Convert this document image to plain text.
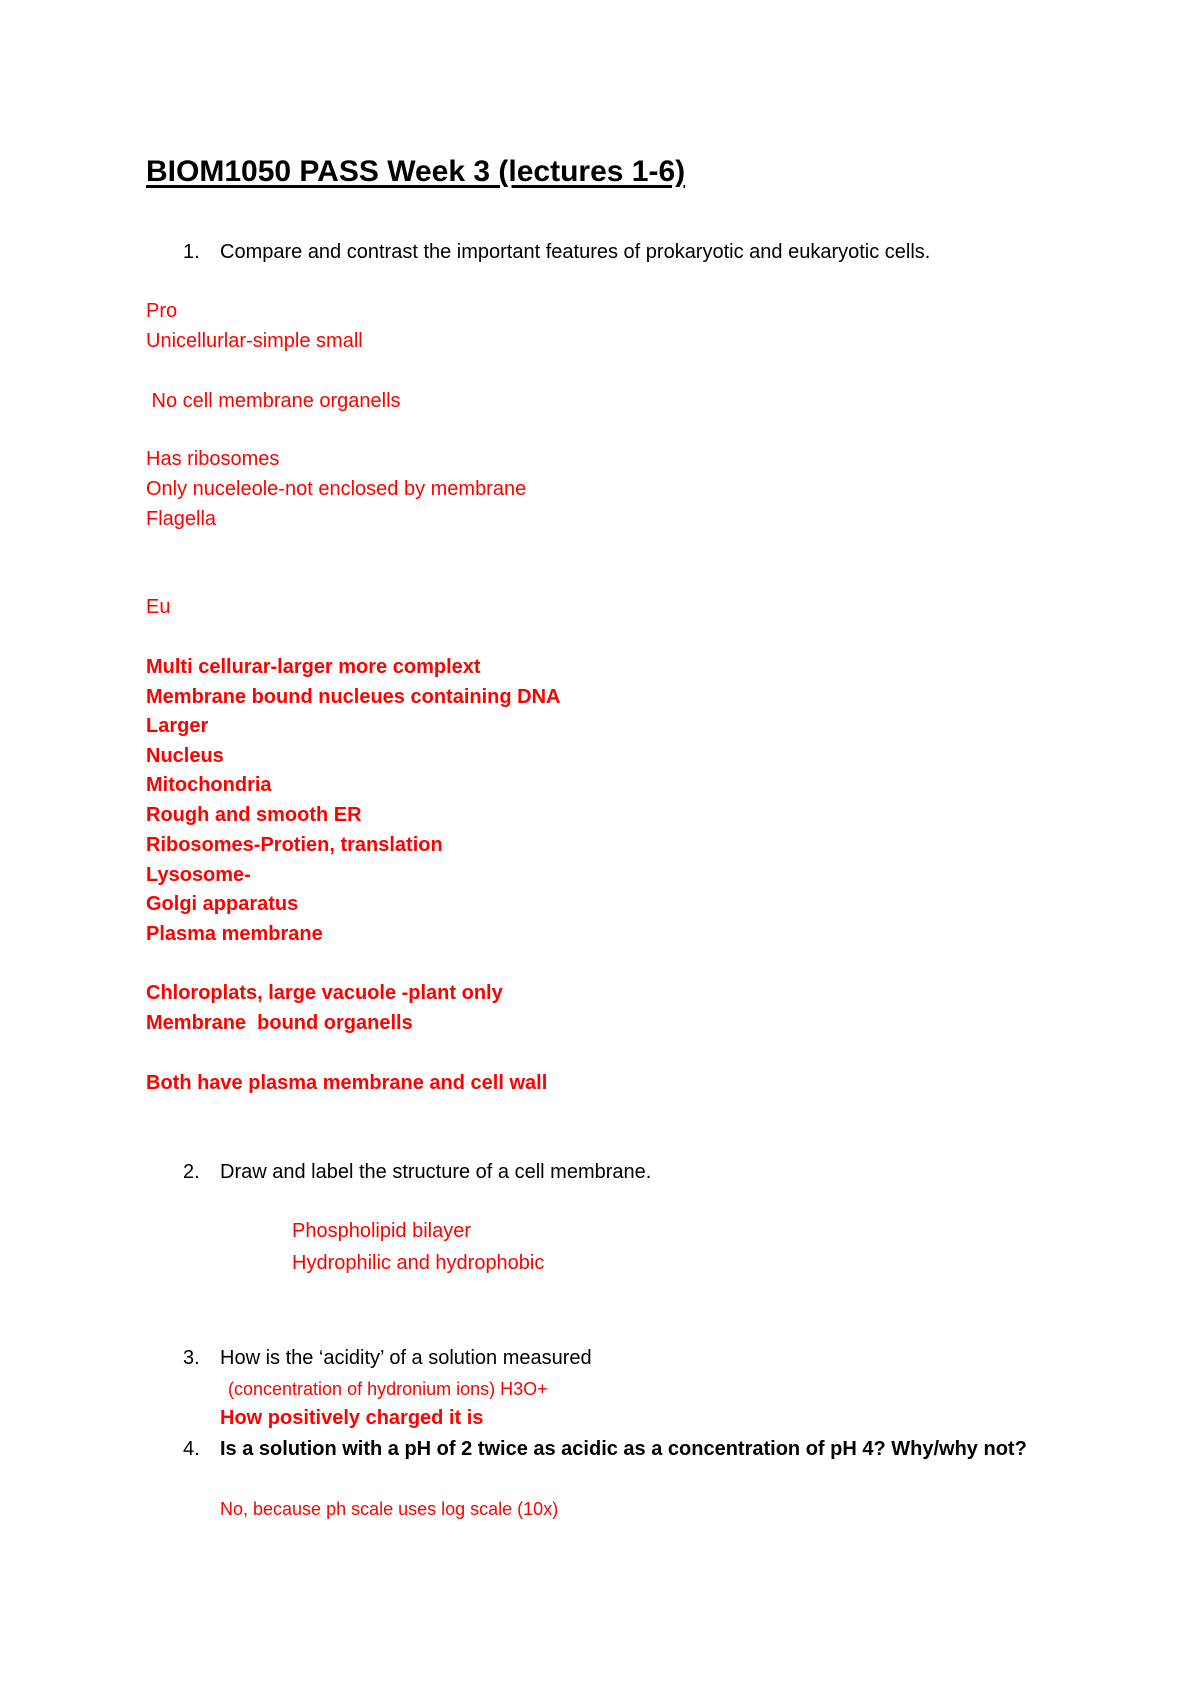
BIOM1050 PASS Week 3 (lectures 1-6)
1. Compare and contrast the important features of prokaryotic and eukaryotic cells.
Pro
Unicellurlar-simple small
No cell membrane organells
Has ribosomes
Only nuceleole-not enclosed by membrane
Flagella
Eu
Multi cellurar-larger more complext
Membrane bound nucleues containing DNA
Larger
Nucleus
Mitochondria
Rough and smooth ER
Ribosomes-Protien, translation
Lysosome-
Golgi apparatus
Plasma membrane
Chloroplats, large vacuole -plant only
Membrane  bound organells
Both have plasma membrane and cell wall
2. Draw and label the structure of a cell membrane.
Phospholipid bilayer
Hydrophilic and hydrophobic
3. How is the ‘acidity’ of a solution measured
(concentration of hydronium ions) H3O+
How positively charged it is
4. Is a solution with a pH of 2 twice as acidic as a concentration of pH 4? Why/why not?
No, because ph scale uses log scale (10x)
